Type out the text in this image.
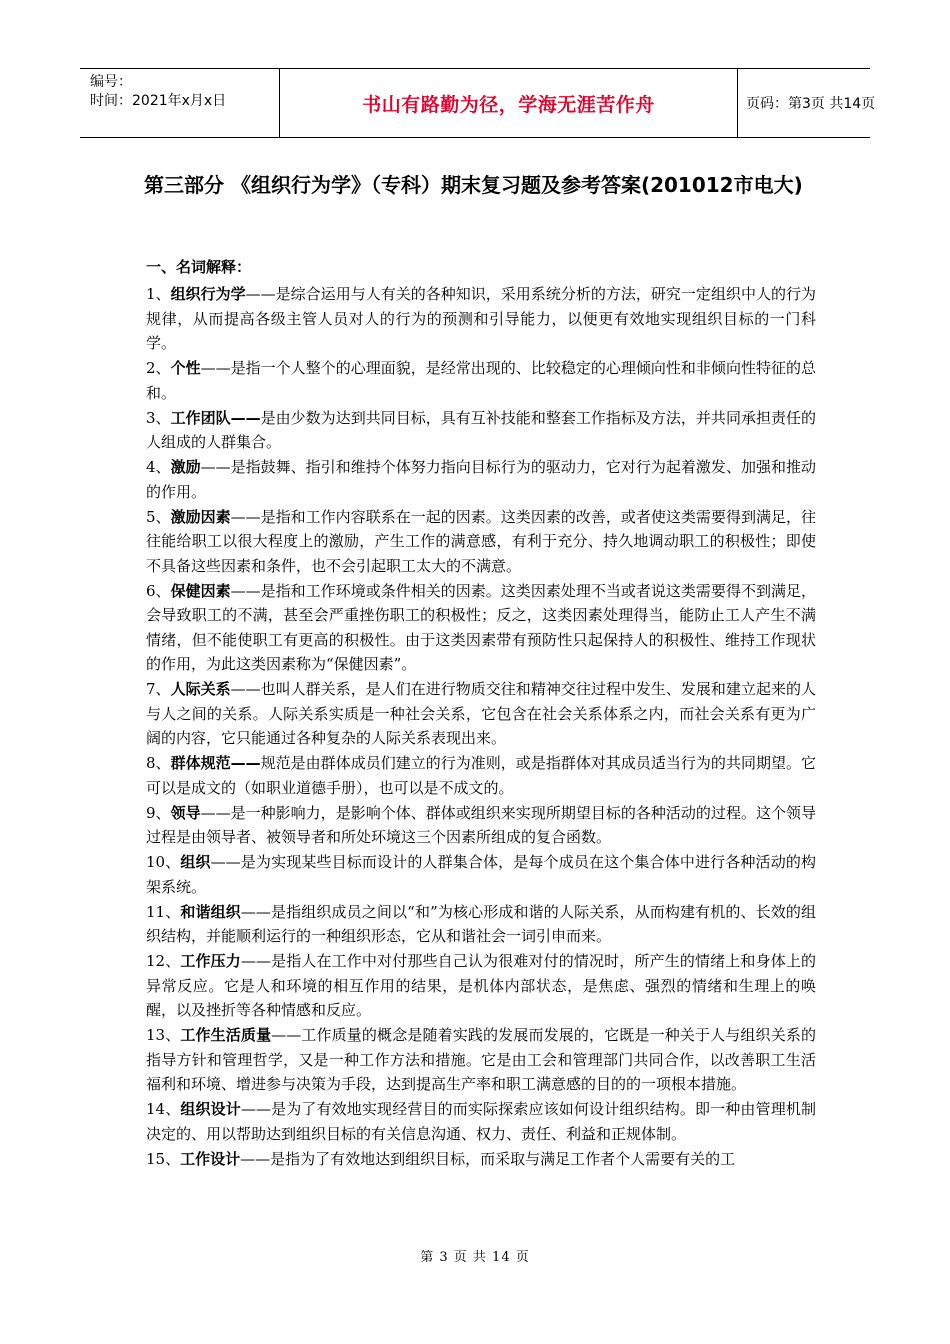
编号：
时间：2021年x月x日	书山有路勤为径，学海无涯苦作舟	页码：第3页 共14页
第三部分 《组织行为学》（专科）期末复习题及参考答案(201012市电大)
一、名词解释：
1、组织行为学——是综合运用与人有关的各种知识，采用系统分析的方法，研究一定组织中人的行为规律，从而提高各级主管人员对人的行为的预测和引导能力，以便更有效地实现组织目标的一门科学。
2、个性——是指一个人整个的心理面貌，是经常出现的、比较稳定的心理倾向性和非倾向性特征的总和。
3、工作团队——是由少数为达到共同目标，具有互补技能和整套工作指标及方法，并共同承担责任的人组成的人群集合。
4、激励——是指鼓舞、指引和维持个体努力指向目标行为的驱动力，它对行为起着激发、加强和推动的作用。
5、激励因素——是指和工作内容联系在一起的因素。这类因素的改善，或者使这类需要得到满足，往往能给职工以很大程度上的激励，产生工作的满意感，有利于充分、持久地调动职工的积极性；即使不具备这些因素和条件，也不会引起职工太大的不满意。
6、保健因素——是指和工作环境或条件相关的因素。这类因素处理不当或者说这类需要得不到满足，会导致职工的不满，甚至会严重挫伤职工的积极性；反之，这类因素处理得当，能防止工人产生不满情绪，但不能使职工有更高的积极性。由于这类因素带有预防性只起保持人的积极性、维持工作现状的作用，为此这类因素称为“保健因素”。
7、人际关系——也叫人群关系，是人们在进行物质交往和精神交往过程中发生、发展和建立起来的人与人之间的关系。人际关系实质是一种社会关系，它包含在社会关系体系之内，而社会关系有更为广阔的内容，它只能通过各种复杂的人际关系表现出来。
8、群体规范——规范是由群体成员们建立的行为准则，或是指群体对其成员适当行为的共同期望。它可以是成文的（如职业道德手册），也可以是不成文的。
9、领导——是一种影响力，是影响个体、群体或组织来实现所期望目标的各种活动的过程。这个领导过程是由领导者、被领导者和所处环境这三个因素所组成的复合函数。
10、组织——是为实现某些目标而设计的人群集合体，是每个成员在这个集合体中进行各种活动的构架系统。
11、和谐组织——是指组织成员之间以“和”为核心形成和谐的人际关系，从而构建有机的、长效的组织结构，并能顺利运行的一种组织形态，它从和谐社会一词引申而来。
12、工作压力——是指人在工作中对付那些自己认为很难对付的情况时，所产生的情绪上和身体上的异常反应。它是人和环境的相互作用的结果，是机体内部状态，是焦虑、强烈的情绪和生理上的唤醒，以及挫折等各种情感和反应。
13、工作生活质量——工作质量的概念是随着实践的发展而发展的，它既是一种关于人与组织关系的指导方针和管理哲学，又是一种工作方法和措施。它是由工会和管理部门共同合作，以改善职工生活福利和环境、增进参与决策为手段，达到提高生产率和职工满意感的目的的一项根本措施。
14、组织设计——是为了有效地实现经营目的而实际探索应该如何设计组织结构。即一种由管理机制决定的、用以帮助达到组织目标的有关信息沟通、权力、责任、利益和正规体制。
15、工作设计——是指为了有效地达到组织目标，而采取与满足工作者个人需要有关的工
第 3 页 共 14 页
